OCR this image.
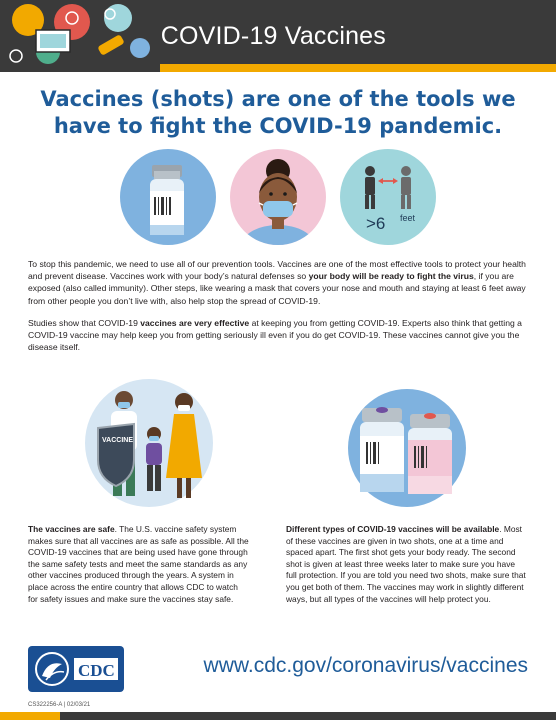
COVID-19 Vaccines
Vaccines (shots) are one of the tools we have to fight the COVID-19 pandemic.
>6 feet

To stop this pandemic, we need to use all of our prevention tools. Vaccines are one of the most effective tools to protect your health and prevent disease. Vaccines work with your body’s natural defenses so your body will be ready to fight the virus, if you are exposed (also called immunity). Other steps, like wearing a mask that covers your nose and mouth and staying at least 6 feet away from other people you don’t live with, also help stop the spread of COVID-19.

Studies show that COVID-19 vaccines are very effective at keeping you from getting COVID-19. Experts also think that getting a COVID-19 vaccine may help keep you from getting seriously ill even if you do get COVID-19. These vaccines cannot give you the disease itself.

VACCINE

The vaccines are safe. The U.S. vaccine safety system makes sure that all vaccines are as safe as possible. All the COVID-19 vaccines that are being used have gone through the same safety tests and meet the same standards as any other vaccines produced through the years. A system in place across the entire country that allows CDC to watch for safety issues and make sure the vaccines stay safe.

Different types of COVID-19 vaccines will be available. Most of these vaccines are given in two shots, one at a time and spaced apart. The first shot gets your body ready. The second shot is given at least three weeks later to make sure you have full protection. If you are told you need two shots, make sure that you get both of them. The vaccines may work in slightly different ways, but all types of the vaccines will help protect you.

CDC	www.cdc.gov/coronavirus/vaccines
CS322256-A | 02/03/21
